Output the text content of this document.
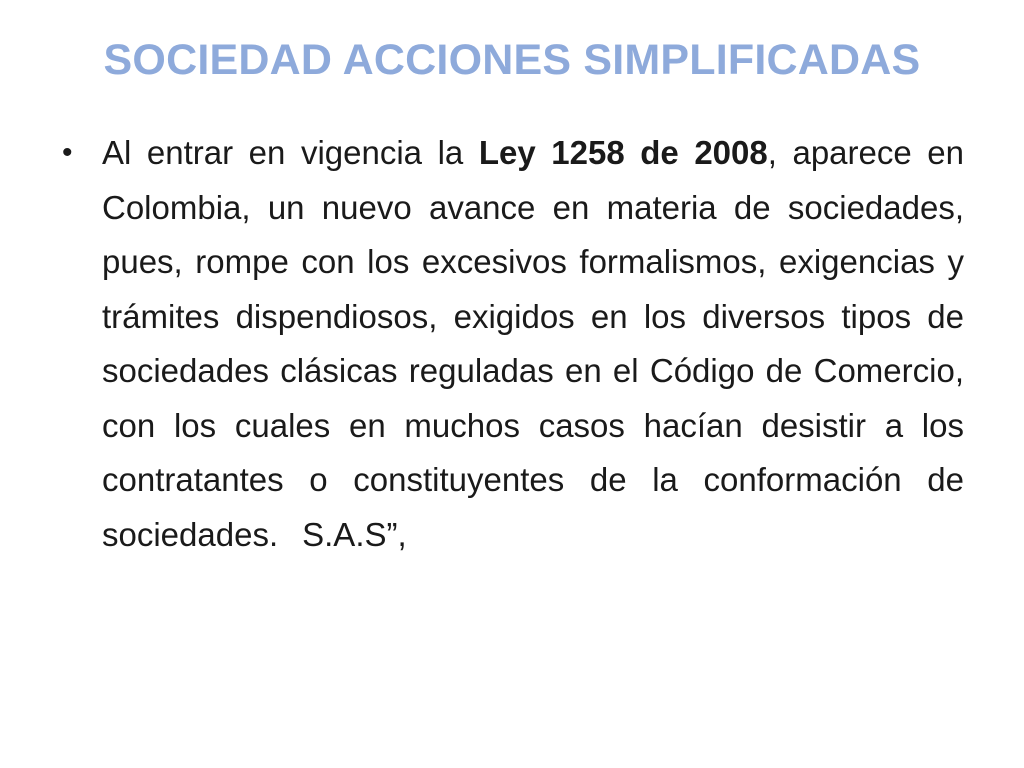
SOCIEDAD ACCIONES SIMPLIFICADAS
• Al entrar en vigencia la Ley 1258 de 2008, aparece en Colombia, un nuevo avance en materia de sociedades, pues, rompe con los excesivos formalismos, exigencias y trámites dispendiosos, exigidos en los diversos tipos de sociedades clásicas reguladas en el Código de Comercio, con los cuales en muchos casos hacían desistir a los contratantes o constituyentes de la conformación de sociedades. S.A.S”,
